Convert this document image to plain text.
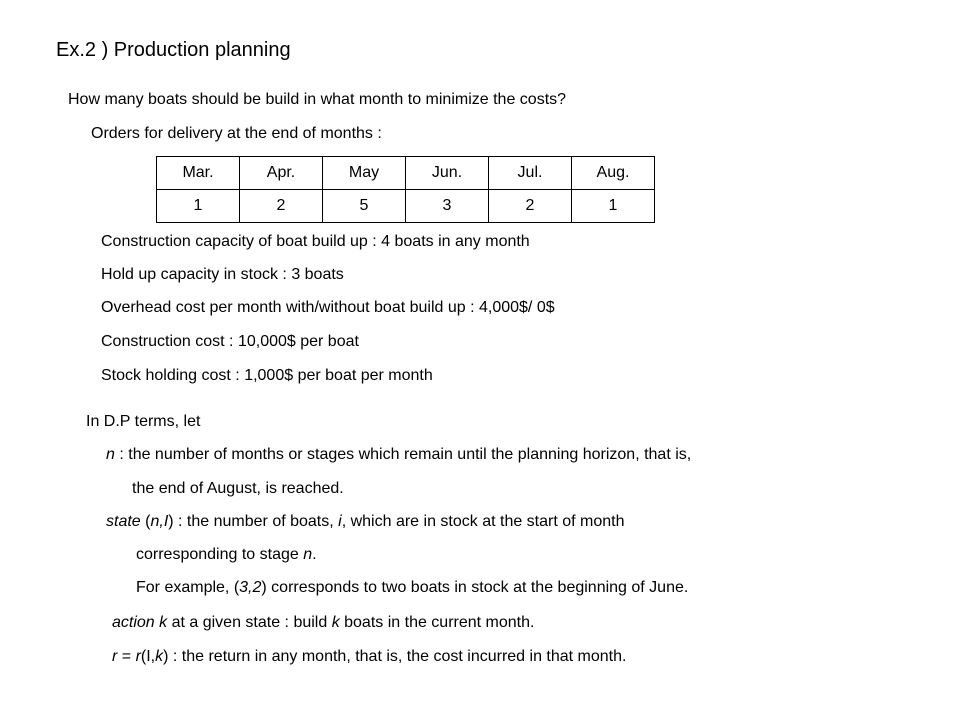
Ex.2 ) Production planning
How many boats should be build in what month to minimize the costs?
Orders for delivery at the end of months :
Mar.	Apr.	May	Jun.	Jul.	Aug.
1	2	5	3	2	1
Construction capacity of boat build up : 4 boats in any month
Hold up capacity in stock : 3 boats
Overhead cost per month with/without boat build up : 4,000$/ 0$
Construction cost : 10,000$ per boat
Stock holding cost : 1,000$ per boat per month
In D.P terms, let
n : the number of months or stages which remain until the planning horizon, that is,
the end of August, is reached.
state (n,I) : the number of boats, i, which are in stock at the start of month
corresponding to stage n.
For example, (3,2) corresponds to two boats in stock at the beginning of June.
action k at a given state : build k boats in the current month.
r = r(I,k) : the return in any month, that is, the cost incurred in that month.
